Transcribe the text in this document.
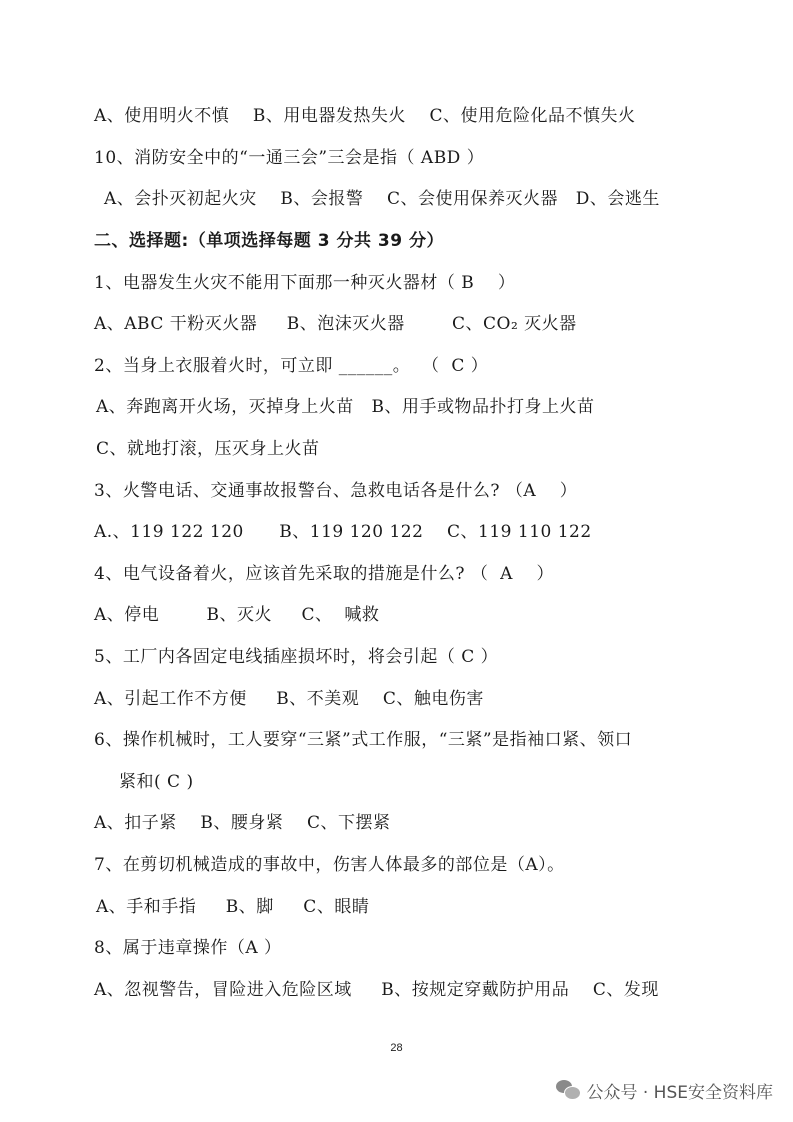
A、使用明火不慎    B、用电器发热失火    C、使用危险化品不慎失火
10、消防安全中的“一通三会”三会是指（ ABD ）
A、会扑灭初起火灾    B、会报警    C、会使用保养灭火器   D、会逃生
二、选择题:（单项选择每题 3 分共 39 分）
1、电器发生火灾不能用下面那一种灭火器材（ B    ）
A、ABC 干粉灭火器     B、泡沫灭火器        C、CO₂ 灭火器
2、当身上衣服着火时，可立即 ______。  （  C ）
A、奔跑离开火场，灭掉身上火苗   B、用手或物品扑打身上火苗
C、就地打滚，压灭身上火苗
3、火警电话、交通事故报警台、急救电话各是什么? （A    ）
A.、119 122 120      B、119 120 122    C、119 110 122
4、电气设备着火，应该首先采取的措施是什么? （  A    ）
A、停电        B、灭火     C、  喊救
5、工厂内各固定电线插座损坏时，将会引起（ C ）
A、引起工作不方便     B、不美观    C、触电伤害
6、操作机械时，工人要穿“三紧”式工作服，“三紧”是指袖口紧、领口
紧和( C )
A、扣子紧    B、腰身紧    C、下摆紧
7、在剪切机械造成的事故中，伤害人体最多的部位是（A）。
A、手和手指     B、脚     C、眼睛
8、属于违章操作（A ）
A、忽视警告，冒险进入危险区域     B、按规定穿戴防护用品    C、发现
28
公众号 · HSE安全资料库
